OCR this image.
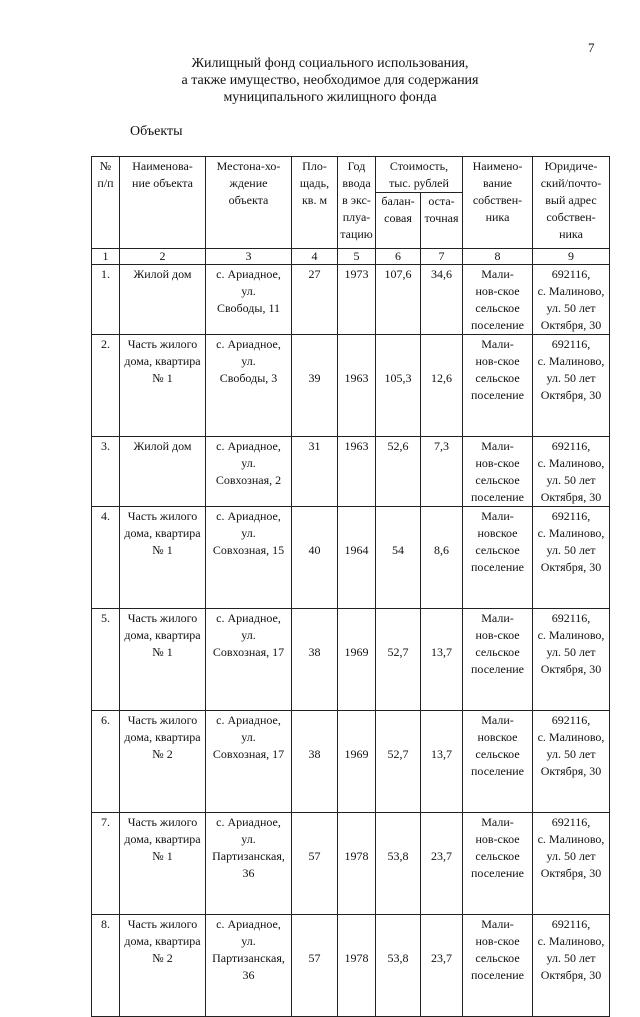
7
Жилищный фонд социального использования,
а также имущество, необходимое для содержания
муниципального жилищного фонда
Объекты
№
п/п	Наименова-
ние объекта	Местона-хо-
ждение
объекта	Пло-
щадь,
кв. м	Год
ввода
в экс-
плуа-
тацию	Стоимость,
тыс. рублей		Наимено-
вание
собствен-
ника	Юридиче-
ский/почто-
вый адрес
собствен-
ника
					балан-
совая	оста-
точная		
1	2	3	4	5	6	7	8	9
1.	Жилой дом	с. Ариадное, ул.
Свободы, 11	27	1973	107,6	34,6	Мали-
нов-ское
сельское
поселение	692116,
с. Малиново,
ул. 50 лет
Октября, 30
2.	Часть жилого
дома, квартира
№ 1	с. Ариадное, ул.
Свободы, 3	39	1963	105,3	12,6	Мали-
нов-ское
сельское
поселение	692116,
с. Малиново,
ул. 50 лет
Октября, 30
3.	Жилой дом	с. Ариадное, ул.
Совхозная, 2	31	1963	52,6	7,3	Мали-
нов-ское
сельское
поселение	692116,
с. Малиново,
ул. 50 лет
Октября, 30
4.	Часть жилого
дома, квартира
№ 1	с. Ариадное, ул.
Совхозная, 15	40	1964	54	8,6	Мали-
новское
сельское
поселение	692116,
с. Малиново,
ул. 50 лет
Октября, 30
5.	Часть жилого
дома, квартира
№ 1	с. Ариадное, ул.
Совхозная, 17	38	1969	52,7	13,7	Мали-
нов-ское
сельское
поселение	692116,
с. Малиново,
ул. 50 лет
Октября, 30
6.	Часть жилого
дома, квартира
№ 2	с. Ариадное, ул.
Совхозная, 17	38	1969	52,7	13,7	Мали-
новское
сельское
поселение	692116,
с. Малиново,
ул. 50 лет
Октября, 30
7.	Часть жилого
дома, квартира
№ 1	с. Ариадное, ул.
Партизанская,
36	57	1978	53,8	23,7	Мали-
нов-ское
сельское
поселение	692116,
с. Малиново,
ул. 50 лет
Октября, 30
8.	Часть жилого
дома, квартира
№ 2	с. Ариадное, ул.
Партизанская,
36	57	1978	53,8	23,7	Мали-
нов-ское
сельское
поселение	692116,
с. Малиново,
ул. 50 лет
Октября, 30
